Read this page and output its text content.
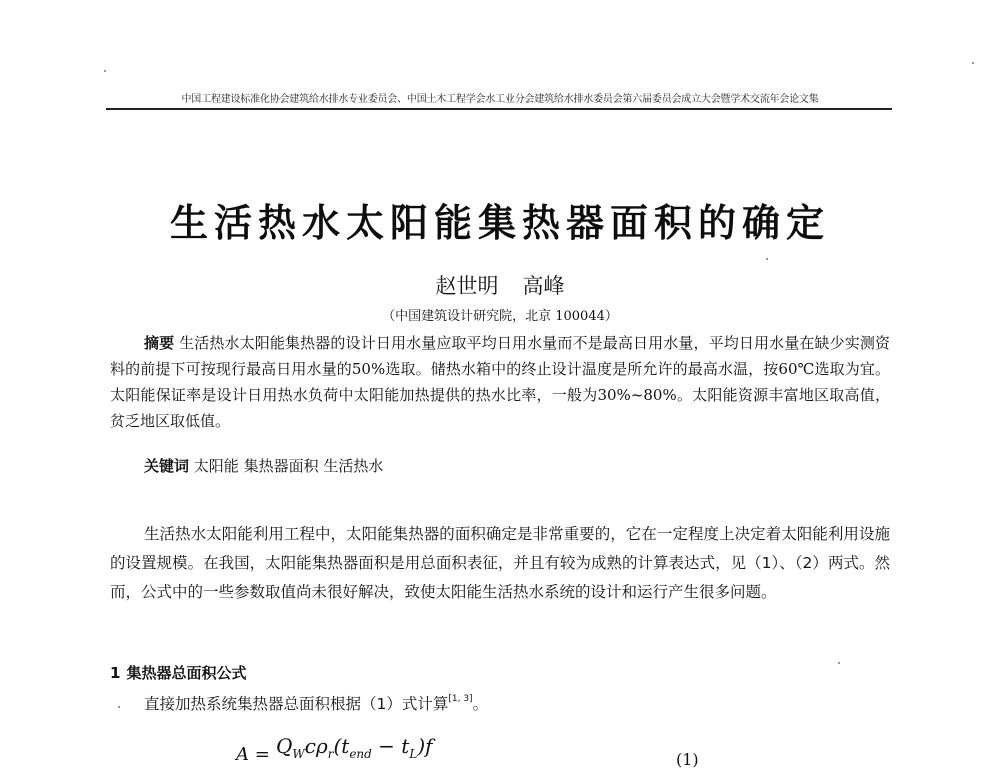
中国工程建设标准化协会建筑给水排水专业委员会、中国土木工程学会水工业分会建筑给水排水委员会第六届委员会成立大会暨学术交流年会论文集
生活热水太阳能集热器面积的确定
赵世明 高峰
（中国建筑设计研究院，北京 100044）
摘要 生活热水太阳能集热器的设计日用水量应取平均日用水量而不是最高日用水量，平均日用水量在缺少实测资料的前提下可按现行最高日用水量的50%选取。储热水箱中的终止设计温度是所允许的最高水温，按60℃选取为宜。太阳能保证率是设计日用热水负荷中太阳能加热提供的热水比率，一般为30%~80%。太阳能资源丰富地区取高值，贫乏地区取低值。
关键词 太阳能 集热器面积 生活热水
生活热水太阳能利用工程中，太阳能集热器的面积确定是非常重要的，它在一定程度上决定着太阳能利用设施的设置规模。在我国，太阳能集热器面积是用总面积表征，并且有较为成熟的计算表达式，见（1）、（2）两式。然而，公式中的一些参数取值尚未很好解决，致使太阳能生活热水系统的设计和运行产生很多问题。
1 集热器总面积公式
直接加热系统集热器总面积根据（1）式计算[1, 3]。
$A = Q_Wc\rho_r(t_{end} - t_L)f$
(1)
